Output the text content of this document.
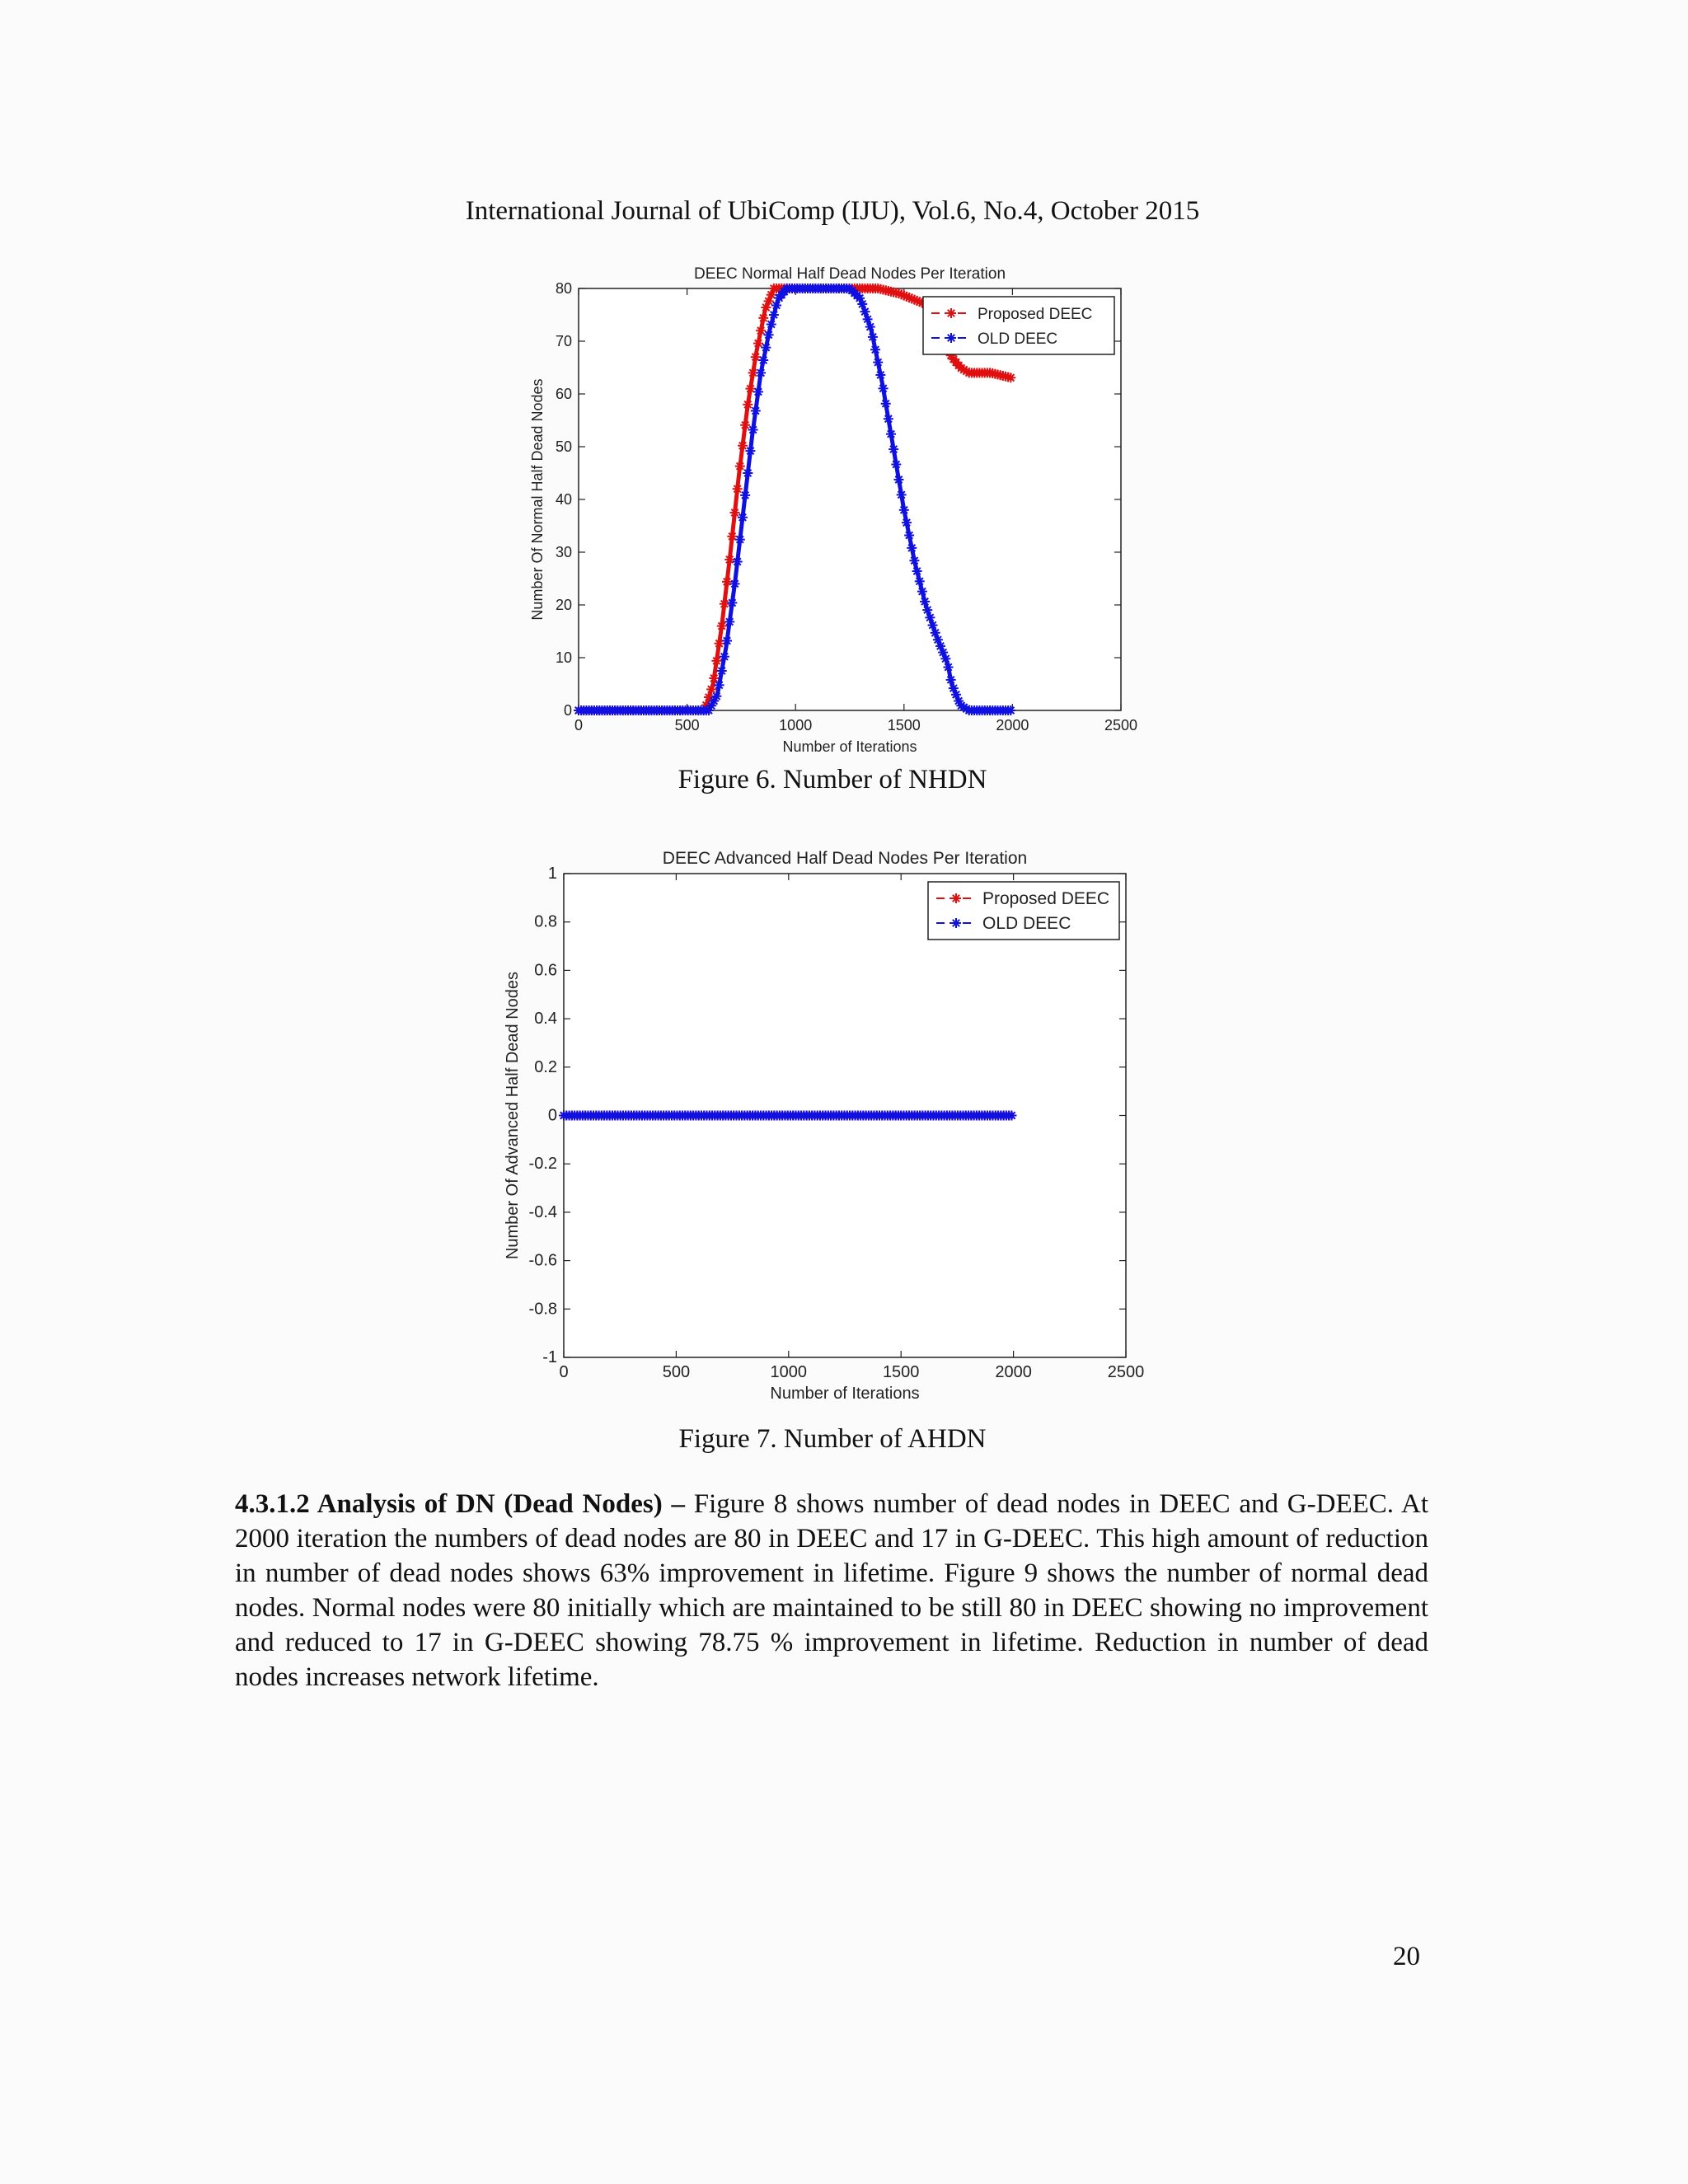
International Journal of UbiComp (IJU), Vol.6, No.4, October 2015
DEEC Normal Half Dead Nodes Per Iteration
0	500	1000	1500	2000	2500
Number of Iterations
0
10
20
30
40
50
60
70
80
Number Of Normal Half Dead Nodes
Proposed DEEC
OLD DEEC
Figure 6. Number of NHDN
DEEC Advanced Half Dead Nodes Per Iteration
0	500	1000	1500	2000	2500
Number of Iterations
-1
-0.8
-0.6
-0.4
-0.2
0
0.2
0.4
0.6
0.8
1
Number Of Advanced Half Dead Nodes
Proposed DEEC
OLD DEEC
Figure 7. Number of AHDN
4.3.1.2 Analysis of DN (Dead Nodes) – Figure 8 shows number of dead nodes in DEEC and G-DEEC. At 2000 iteration the numbers of dead nodes are 80 in DEEC and 17 in G-DEEC. This high amount of reduction in number of dead nodes shows 63% improvement in lifetime. Figure 9 shows the number of normal dead nodes. Normal nodes were 80 initially which are maintained to be still 80 in DEEC showing no improvement and reduced to 17 in G-DEEC showing 78.75 % improvement in lifetime. Reduction in number of dead nodes increases network lifetime.
20
